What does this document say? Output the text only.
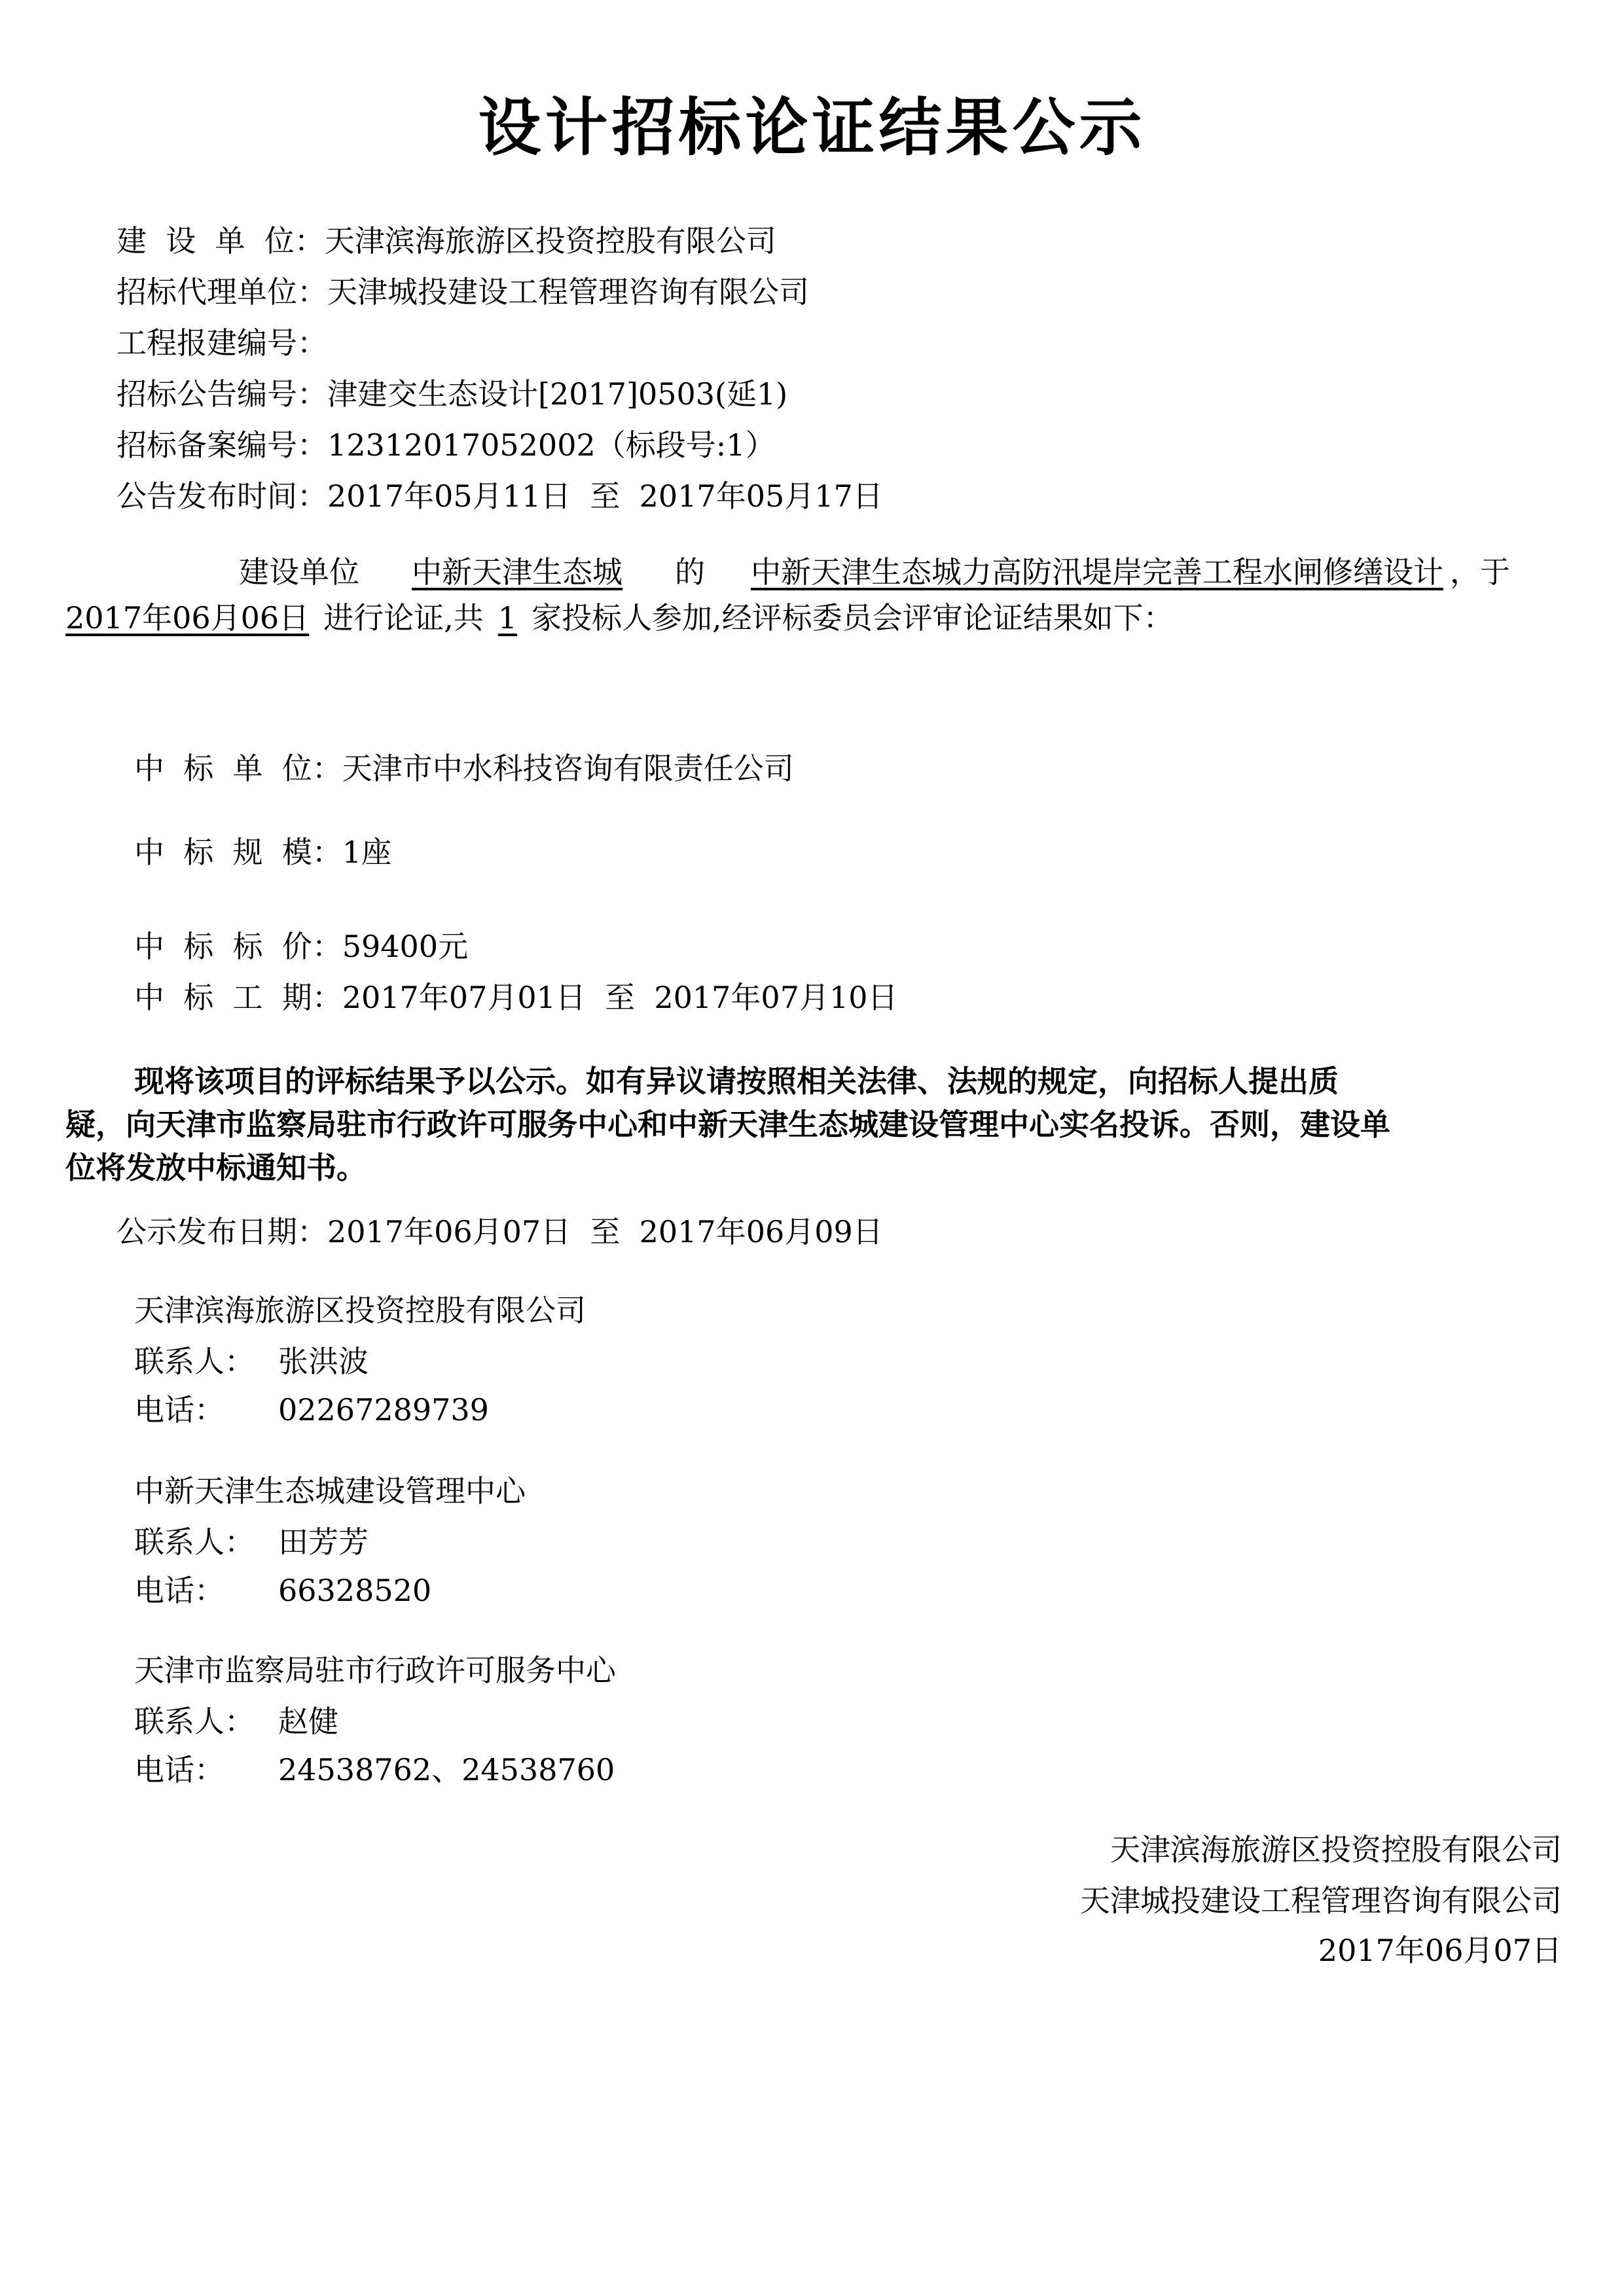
设计招标论证结果公示
建  设  单  位：天津滨海旅游区投资控股有限公司
招标代理单位：天津城投建设工程管理咨询有限公司
工程报建编号：
招标公告编号：津建交生态设计[2017]0503(延1)
招标备案编号：12312017052002（标段号:1）
公告发布时间：2017年05月11日  至  2017年05月17日
建设单位 中新天津生态城 的 中新天津生态城力高防汛堤岸完善工程水闸修缮设计 ，于
2017年06月06日 进行论证,共 1 家投标人参加,经评标委员会评审论证结果如下：
中  标  单  位：天津市中水科技咨询有限责任公司
中  标  规  模：1座
中  标  标  价：59400元
中  标  工  期：2017年07月01日  至  2017年07月10日
现将该项目的评标结果予以公示。如有异议请按照相关法律、法规的规定，向招标人提出质
疑，向天津市监察局驻市行政许可服务中心和中新天津生态城建设管理中心实名投诉。否则，建设单
位将发放中标通知书。
公示发布日期：2017年06月07日  至  2017年06月09日
天津滨海旅游区投资控股有限公司
联系人： 张洪波
电话： 02267289739
中新天津生态城建设管理中心
联系人： 田芳芳
电话： 66328520
天津市监察局驻市行政许可服务中心
联系人： 赵健
电话： 24538762、24538760
天津滨海旅游区投资控股有限公司
天津城投建设工程管理咨询有限公司
2017年06月07日
